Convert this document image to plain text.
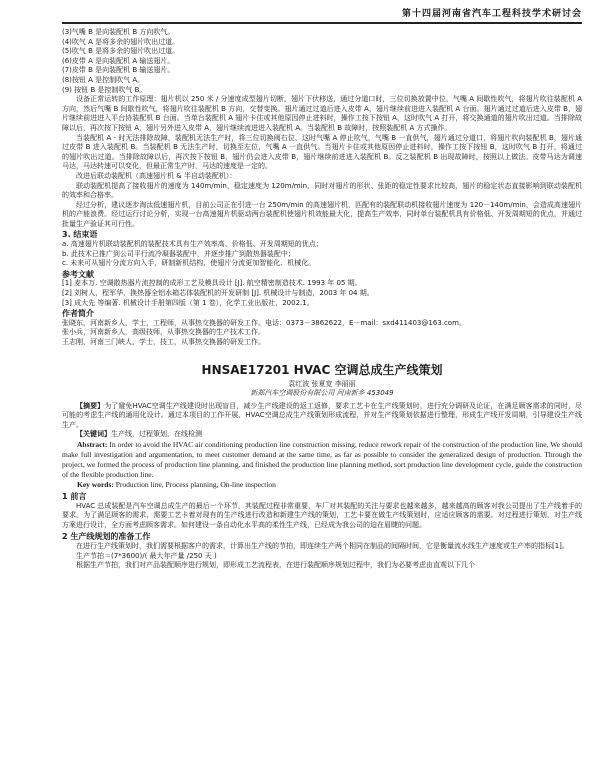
第十四届河南省汽车工程科技学术研讨会

(3)气嘴 B 是向装配机 B 方向吹气。

(4)吹气 A 是将多余的翅片吹出过道。

(5)吹气 B 是将多余的翅片吹出过道。

(6)皮带 A 是向装配机 A 输送翅片。

(7)皮带 B 是向装配机 B 输送翅片。

(8)按钮 A 是控制吹气 A。

(9) 按钮 B 是控制吹气 B。

设备正常运转的工作原理：翅片机以 250 米 / 分速度成型翅片切断，翅片下伏移送，通过分道口时，三位切换放置中位，气嘴 A 间歇性吹气，将翅片吹往装配机 A 方向，然后气嘴 B 间歇性吹气，将翅片吹往装配机 B 方向，交替变换。翅片通过过道后进入皮带 A，翅片继续前进进入装配机 A 台面。翅片通过过道后进入皮带 B，翅片继续前进进入平台协装配机 B 台面。当单台装配机 A 翅片卡住或其他原因停止进料时，操作工按下按钮 A，这时吹气 A 打开，将交换通道的翅片吹出过道。当排除故障以后，再次按下按钮 A，翅片另外进入皮带 A，翅片继续流进进入装配机 A。当装配机 B 故障时，按照装配机 A 方式操作。

当装配机 A - 时无法排除故障，装配机无法生产时，将三位切换阀右位，这时气嘴 A 停止吹气，气嘴 B 一直供气，翅片通过分道口，将翅片吹向装配机 B，翅片通过皮带 B 进入装配机 B。当装配机 B 无法生产时，切换至左位，气嘴 A 一直供气。当翅片卡住或其他原因停止进料时，操作工按下按钮 B，这时吹气 B 打开，将通过的翅片吹出过道。当排除故障以后，再次按下按钮 B，翅片仍会进入皮带 B，翅片继续前进进入装配机 B。反之装配机 B 出现故障时，按照以上做法。皮带马达为调速马达，马达转速可以变化，但最正常生产时，马达的速度是一定的。

改进后联动装配机（高速翅片机 & 半自动装配机）：

联动装配机提高了接收翅片的速度为 140m/min，稳定速度为 120m/min，同时对翅片的形状、张距的稳定性要求比较高，翅片的稳定状态直接影响到联动装配机的效率和合格率。

经过分析，建议逐步淘汰低速翅片机，目前公司正在引进一台 250m/min 的高速翅片机，匹配有的装配联动机接收翅片速度为 120－140m/min，会造成高速翅片机的产能浪费。经过运行讨论分析，实现一台高速翅片机驱动两台装配机使翅片机效能最大化，提高生产效率，同时单台装配机具有价格低、开发周期短的优点，并通过批量生产验证其可行性。

3. 结束语

a. 高速翅片机联动装配机的装配技术具有生产效率高、价格低、开发周期短的优点；

b. 此技术已推广到公司平行流冷凝器装配中，并逐步推广到散热器装配中；

c. 未来可从翅片分流方向入手，研制新机结构，使翅片分流更加智能化、机械化。

参考文献

[1] 麦本万. 空调散热器片流控制的成形工艺及模具设计 [J]. 航空精密制造技术. 1993 年 05 期。

[2] 刘树人，程军华，换热器全铝水箱芯体装配机的开发研制 [J]. 机械设计与制造，2003 年 04 期。

[3] 成大先 等编著. 机械设计手册第四版（第 1 卷），化学工业出版社，2002.1。

作者简介

张晓东，河南新乡人，学士，工程师，从事热交换器的研发工作。电话：0373－3862622，E－mail：sxd411403@163.com。

张小兵，河南新乡人，高级技师，从事热交换器的生产技术工作。

王志刚，河南三门峡人，学士，技工，从事热交换器的研发工作。

HNSAE17201 HVAC 空调总成生产线策划
袁红波 张夏宽 李丽丽
新郑汽车空调股份有限公司 河南新乡 453049

【摘要】为了避免HVAC空调生产线建设时出现盲目，减少生产线建设的返工返修，要求工艺卡在生产线策划时，进行充分调研及论证，在满足顾客需求的同时，尽可能的考虑生产线的通用化设计。通过本项目的工作开展，HVAC空调总成生产线策划形成流程，并对生产线策划依据进行整理，形成生产线开发周期，引导建设生产线生产。

【关键词】生产线，过程策划，在线检测

Abstract: In order to avoid the HVAC air conditioning production line construction missing, reduce rework repair of the construction of the production line, We should make full investigation and argumentation, to meet customer demand at the same time, as far as possible to consider the generalized design of production. Through the project, we formed the process of production line planning, and finished the production line planning method, sort production line development cycle, guide the construction of the flexible production line.

Key words: Production line, Process planning, On-line inspection

1 前言

HVAC 总成装配是汽车空调总成生产的最后一个环节，其装配过程非常重要，车厂对其装配的关注与要求也越来越多，越来越高的顾客对我公司提出了生产线着手的要求。为了满足顾客的需求，需要工艺卡着对现有的生产线进行改造和新建生产线的策划，工艺卡要在做生产线策划时，应适应顾客的需要。对过程进行策划，对生产线方案进行设计，全方面考虑顾客需求。如何建设一条自动化水平高的柔性生产线，已经成为我公司的迫在眉睫的问题。

2 生产线规划的准备工作

在进行生产线策划时，我们需要根据客户的需求，计算出生产线的节拍，即连续生产两个相同在制品的间隔时间，它是衡量流水线生产速度或生产率的指标[1]。

生产节拍＝(7*3600)/( 最大年产量 /250 天 )

根据生产节拍，我们对产品装配顺序进行规划，即形成工艺流程表，在进行装配顺序规划过程中，我们为必要考虑由直观以下几个
